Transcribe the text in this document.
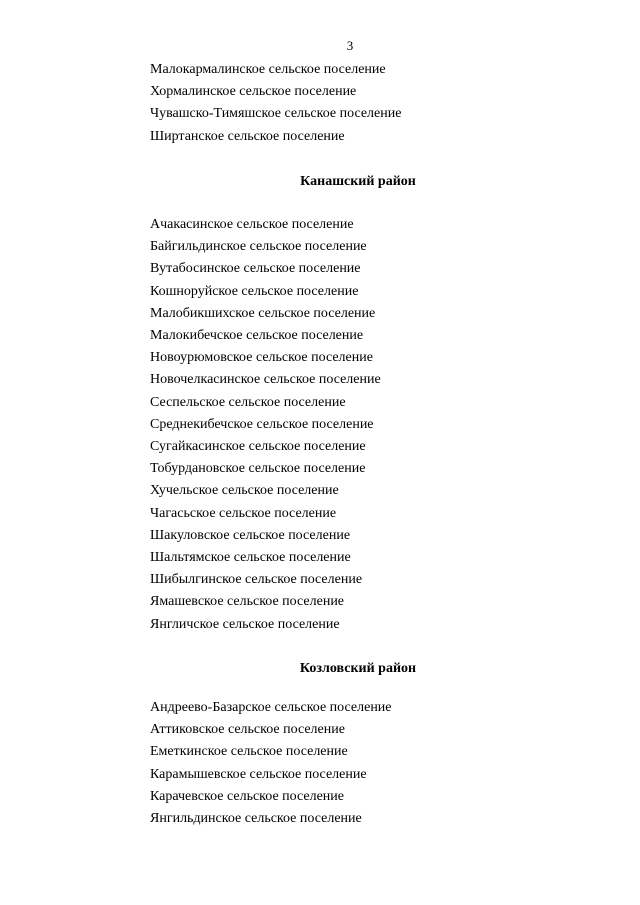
3
Малокармалинское сельское поселение
Хормалинское сельское поселение
Чувашско-Тимяшское сельское поселение
Ширтанское сельское поселение
Канашский район
Ачакасинское сельское поселение
Байгильдинское сельское поселение
Вутабосинское сельское поселение
Кошноруйское сельское поселение
Малобикшихское сельское поселение
Малокибечское сельское поселение
Новоурюмовское сельское поселение
Новочелкасинское сельское поселение
Сеспельское сельское поселение
Среднекибечское сельское поселение
Сугайкасинское сельское поселение
Тобурдановское сельское поселение
Хучельское сельское поселение
Чагасьское сельское поселение
Шакуловское сельское поселение
Шальтямское сельское поселение
Шибылгинское сельское поселение
Ямашевское сельское поселение
Янгличское сельское поселение
Козловский район
Андреево-Базарское сельское поселение
Аттиковское сельское поселение
Еметкинское сельское поселение
Карамышевское сельское поселение
Карачевское сельское поселение
Янгильдинское сельское поселение
